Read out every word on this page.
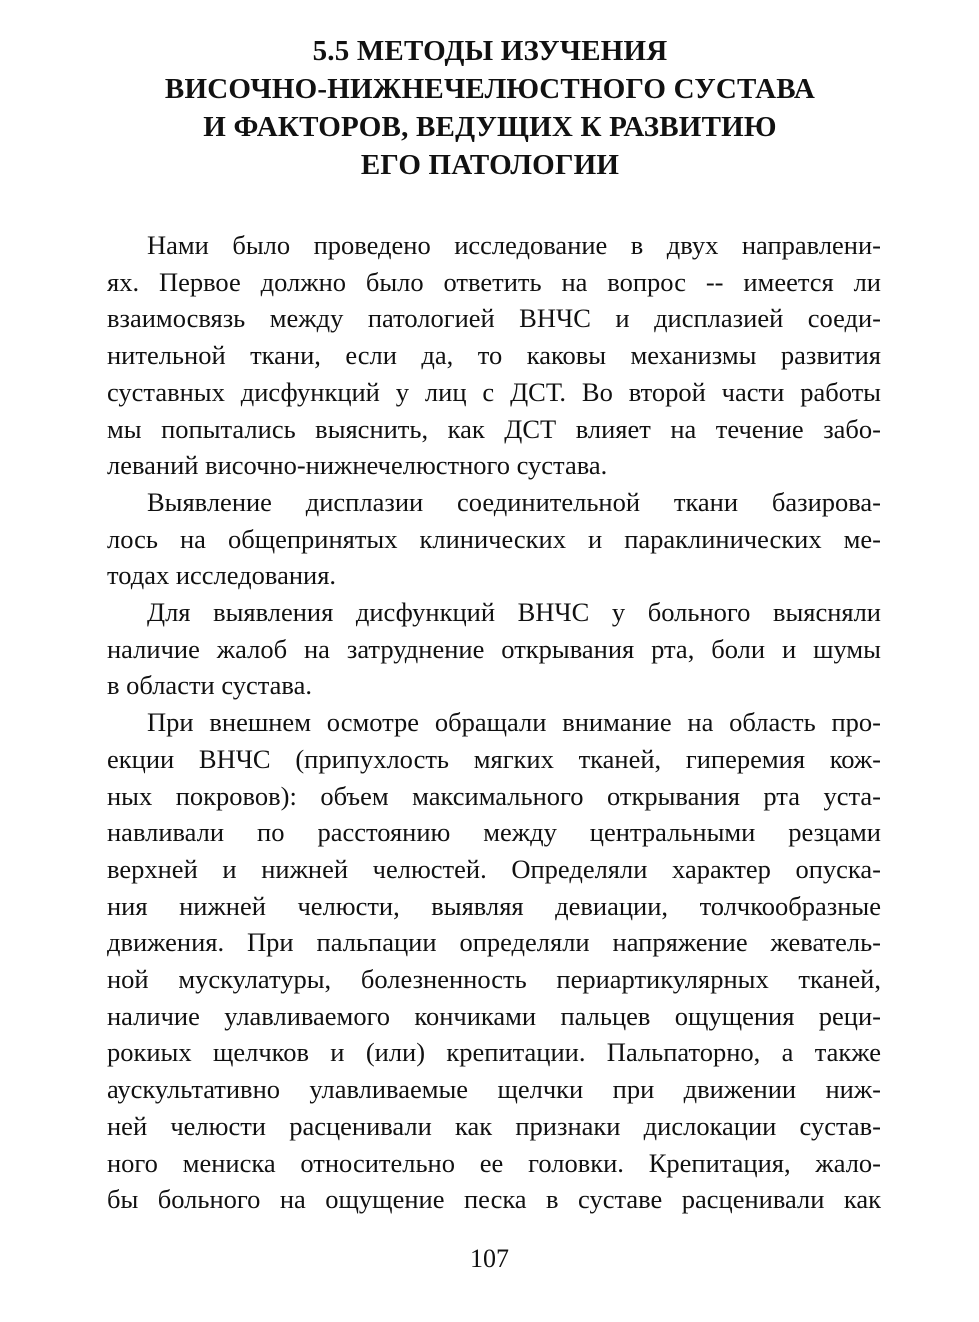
5.5 МЕТОДЫ ИЗУЧЕНИЯ
ВИСОЧНО-НИЖНЕЧЕЛЮСТНОГО СУСТАВА
И ФАКТОРОВ, ВЕДУЩИХ К РАЗВИТИЮ
ЕГО ПАТОЛОГИИ
Нами было проведено исследование в двух направлени-
ях. Первое должно было ответить на вопрос -- имеется ли
взаимосвязь между патологией ВНЧС и дисплазией соеди-
нительной ткани, если да, то каковы механизмы развития
суставных дисфункций у лиц с ДСТ. Во второй части работы
мы попытались выяснить, как ДСТ влияет на течение забо-
леваний височно-нижнечелюстного сустава.
Выявление дисплазии соединительной ткани базирова-
лось на общепринятых клинических и параклинических ме-
тодах исследования.
Для выявления дисфункций ВНЧС у больного выясняли
наличие жалоб на затруднение открывания рта, боли и шумы
в области сустава.
При внешнем осмотре обращали внимание на область про-
екции ВНЧС (припухлость мягких тканей, гиперемия кож-
ных покровов): объем максимального открывания рта уста-
навливали по расстоянию между центральными резцами
верхней и нижней челюстей. Определяли характер опуска-
ния нижней челюсти, выявляя девиации, толчкообразные
движения. При пальпации определяли напряжение жеватель-
ной мускулатуры, болезненность периартикулярных тканей,
наличие улавливаемого кончиками пальцев ощущения реци-
рокиых щелчков и (или) крепитации. Пальпаторно, а также
аускультативно улавливаемые щелчки при движении ниж-
ней челюсти расценивали как признаки дислокации сустав-
ного мениска относительно ее головки. Крепитация, жало-
бы больного на ощущение песка в суставе расценивали как
107
